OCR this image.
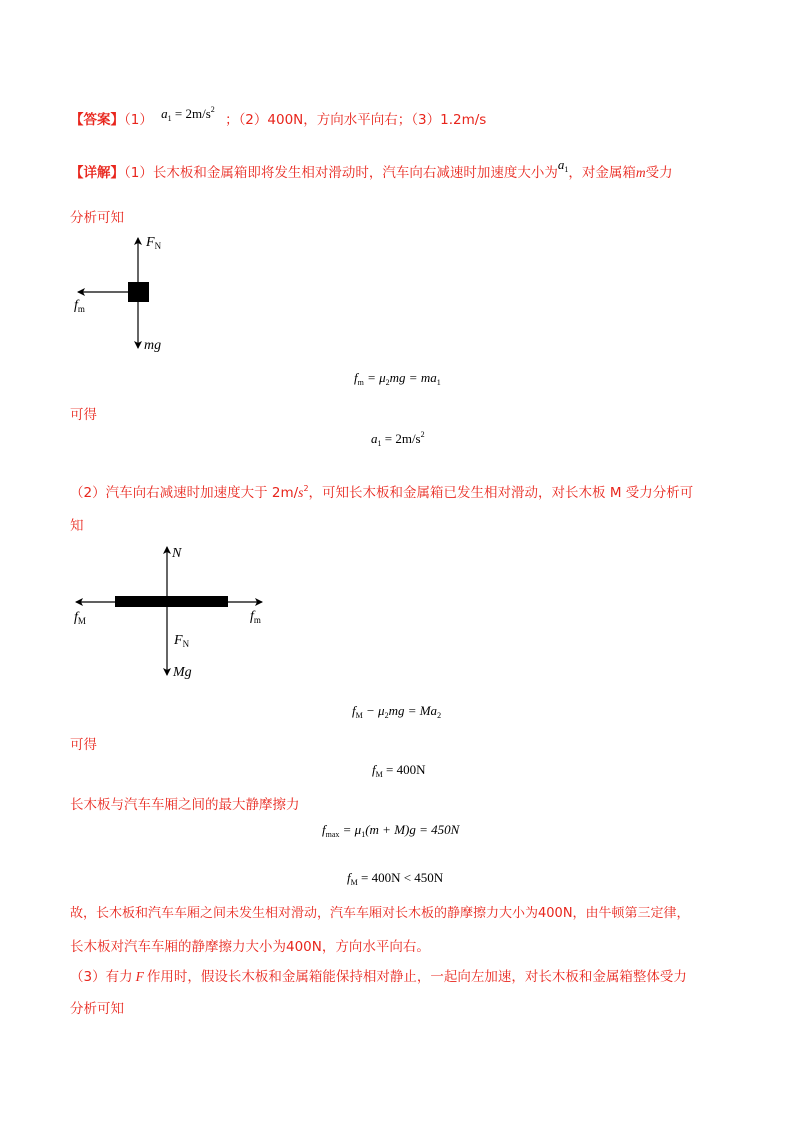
【答案】（1） $a_1 = 2m/s^2$ ；（2）400N，方向水平向右；（3）1.2m/s
【详解】（1）长木板和金属箱即将发生相对滑动时，汽车向右减速时加速度大小为$a_1$，对金属箱m受力
分析可知
$F_N$
$f_m$
mg
$f_m = \mu_2mg = ma_1$
可得
$a_1 = 2m/s^2$
（2）汽车向右减速时加速度大于 $2m/s^2$，可知长木板和金属箱已发生相对滑动，对长木板 M 受力分析可
知
N
$f_M$	$f_m$
$F_N$
Mg
$f_M - \mu_2mg = Ma_2$
可得
$f_M = 400N$
长木板与汽车车厢之间的最大静摩擦力
$f_{max} = \mu_1(m + M)g = 450N$
$f_M = 400N < 450N$
故，长木板和汽车车厢之间未发生相对滑动，汽车车厢对长木板的静摩擦力大小为400N，由牛顿第三定律，
长木板对汽车车厢的静摩擦力大小为400N，方向水平向右。
（3）有力 F 作用时，假设长木板和金属箱能保持相对静止，一起向左加速，对长木板和金属箱整体受力
分析可知
